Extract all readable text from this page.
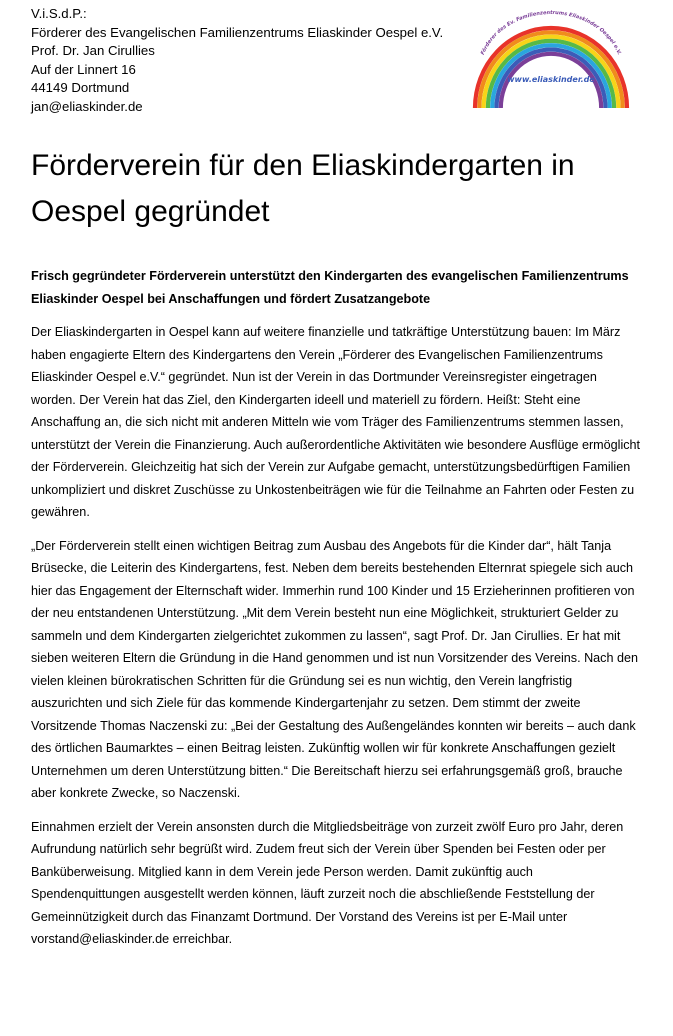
V.i.S.d.P.:
Förderer des Evangelischen Familienzentrums Eliaskinder Oespel e.V.
Prof. Dr. Jan Cirullies
Auf der Linnert 16
44149 Dortmund
jan@eliaskinder.de
Förderer des Ev. Familienzentrums Eliaskinder Oespel e.V.
www.eliaskinder.de
Förderverein für den Eliaskindergarten in Oespel gegründet

Frisch gegründeter Förderverein unterstützt den Kindergarten des evangelischen Familienzentrums Eliaskinder Oespel bei Anschaffungen und fördert Zusatzangebote

Der Eliaskindergarten in Oespel kann auf weitere finanzielle und tatkräftige Unterstützung bauen: Im März haben engagierte Eltern des Kindergartens den Verein „Förderer des Evangelischen Familienzentrums Eliaskinder Oespel e.V.“ gegründet. Nun ist der Verein in das Dortmunder Vereinsregister eingetragen worden. Der Verein hat das Ziel, den Kindergarten ideell und materiell zu fördern. Heißt: Steht eine Anschaffung an, die sich nicht mit anderen Mitteln wie vom Träger des Familienzentrums stemmen lassen, unterstützt der Verein die Finanzierung. Auch außerordentliche Aktivitäten wie besondere Ausflüge ermöglicht der Förderverein. Gleichzeitig hat sich der Verein zur Aufgabe gemacht, unterstützungsbedürftigen Familien unkompliziert und diskret Zuschüsse zu Unkostenbeiträgen wie für die Teilnahme an Fahrten oder Festen zu gewähren.

„Der Förderverein stellt einen wichtigen Beitrag zum Ausbau des Angebots für die Kinder dar“, hält Tanja Brüsecke, die Leiterin des Kindergartens, fest. Neben dem bereits bestehenden Elternrat spiegele sich auch hier das Engagement der Elternschaft wider. Immerhin rund 100 Kinder und 15 Erzieherinnen profitieren von der neu entstandenen Unterstützung. „Mit dem Verein besteht nun eine Möglichkeit, strukturiert Gelder zu sammeln und dem Kindergarten zielgerichtet zukommen zu lassen“, sagt Prof. Dr. Jan Cirullies. Er hat mit sieben weiteren Eltern die Gründung in die Hand genommen und ist nun Vorsitzender des Vereins. Nach den vielen kleinen bürokratischen Schritten für die Gründung sei es nun wichtig, den Verein langfristig auszurichten und sich Ziele für das kommende Kindergartenjahr zu setzen. Dem stimmt der zweite Vorsitzende Thomas Naczenski zu: „Bei der Gestaltung des Außengeländes konnten wir bereits – auch dank des örtlichen Baumarktes – einen Beitrag leisten. Zukünftig wollen wir für konkrete Anschaffungen gezielt Unternehmen um deren Unterstützung bitten.“ Die Bereitschaft hierzu sei erfahrungsgemäß groß, brauche aber konkrete Zwecke, so Naczenski.

Einnahmen erzielt der Verein ansonsten durch die Mitgliedsbeiträge von zurzeit zwölf Euro pro Jahr, deren Aufrundung natürlich sehr begrüßt wird. Zudem freut sich der Verein über Spenden bei Festen oder per Banküberweisung. Mitglied kann in dem Verein jede Person werden. Damit zukünftig auch Spendenquittungen ausgestellt werden können, läuft zurzeit noch die abschließende Feststellung der Gemeinnützigkeit durch das Finanzamt Dortmund. Der Vorstand des Vereins ist per E-Mail unter vorstand@eliaskinder.de erreichbar.
